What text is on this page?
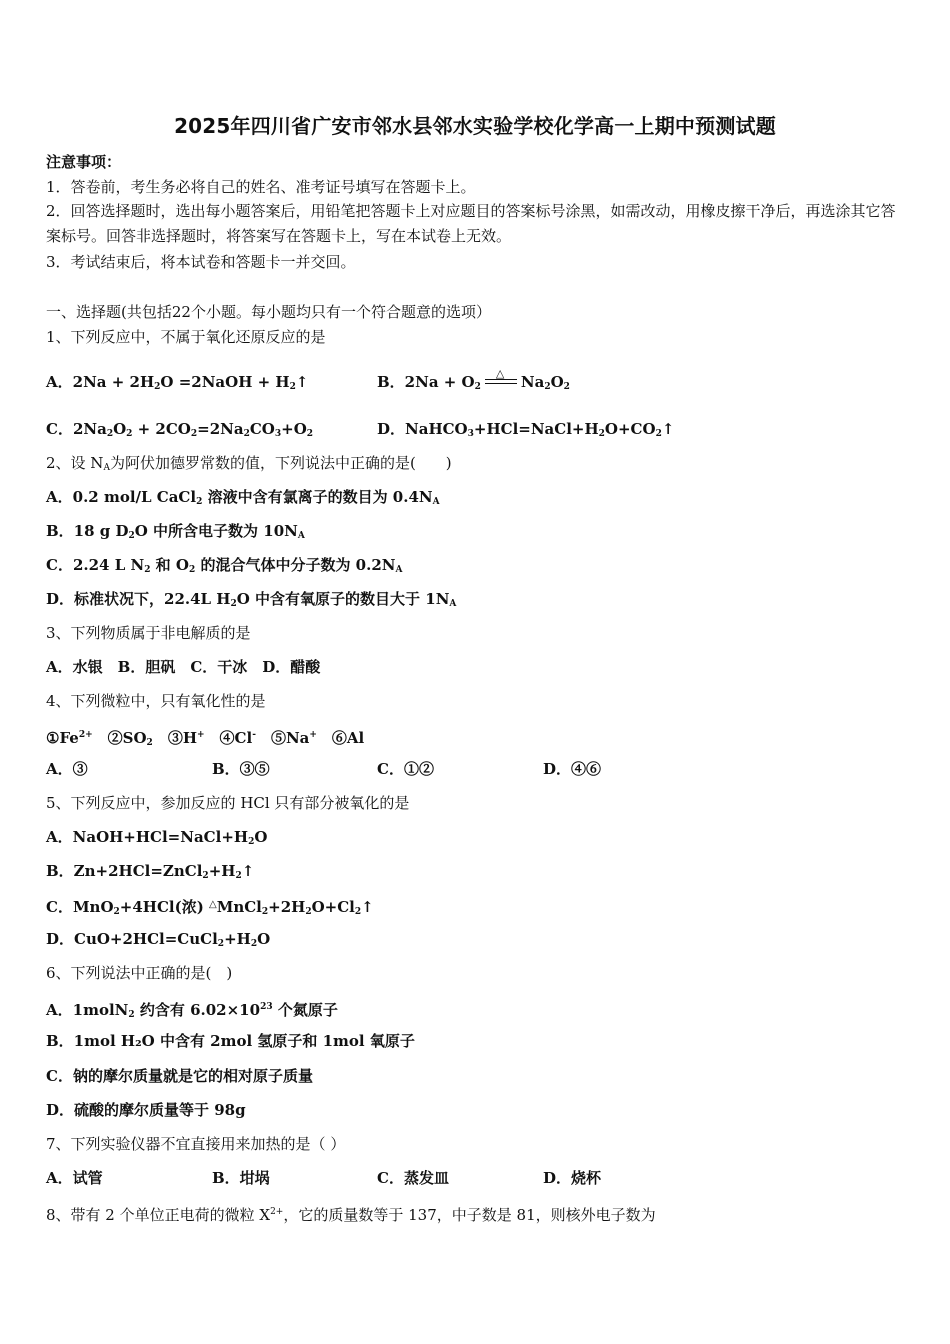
2025年四川省广安市邻水县邻水实验学校化学高一上期中预测试题
注意事项：
1．答卷前，考生务必将自己的姓名、准考证号填写在答题卡上。
2．回答选择题时，选出每小题答案后，用铅笔把答题卡上对应题目的答案标号涂黑，如需改动，用橡皮擦干净后，再选涂其它答案标号。回答非选择题时，将答案写在答题卡上，写在本试卷上无效。
3．考试结束后，将本试卷和答题卡一并交回。
一、选择题(共包括22个小题。每小题均只有一个符合题意的选项）
1、下列反应中，不属于氧化还原反应的是
A．$2Na + 2H_2O$ =2NaOH + $H_2↑$	B．$2Na + O_2$
△ $Na_2O_2$
C．$2Na_2O_2 + 2CO_2=2Na_2CO_3+O_2$	D．$NaHCO_3+HCl=NaCl+H_2O+CO_2↑$
2、设 $N_A$为阿伏加德罗常数的值，下列说法中正确的是(　　)
A．0.2 mol/L CaCl$_2$ 溶液中含有氯离子的数目为 $0.4N_A$
B．18 g $D_2O$ 中所含电子数为 $10N_A$
C．2.24 L $N_2$ 和 $O_2$ 的混合气体中分子数为 $0.2N_A$
D．标准状况下，22.4L $H_2O$ 中含有氧原子的数目大于 $1N_A$
3、下列物质属于非电解质的是
A．水银　B．胆矾　C．干冰　D．醋酸
4、下列微粒中，只有氧化性的是
$①Fe^{2+}$　$②SO_2$　③H+　④Cl-　⑤Na+　⑥Al
A．③	B．③⑤	C．①②	D．④⑥
5、下列反应中，参加反应的 HCl 只有部分被氧化的是
A．$NaOH+HCl=NaCl+H_2O$
B．$Zn+2HCl=ZnCl_2+H_2↑$
C．MnO$_2$+4HCl(浓) $^\triangle MnCl_2+2H_2O+Cl_2↑$
D．$CuO+2HCl=CuCl_2+H_2O$
6、下列说法中正确的是(　)
A．1molN$_2$ 约含有 $6.02\times 10^{23}$ 个氮原子
B．1mol H₂O 中含有 2mol 氢原子和 1mol 氧原子
C．钠的摩尔质量就是它的相对原子质量
D．硫酸的摩尔质量等于 98g
7、下列实验仪器不宜直接用来加热的是（ ）
A．试管	B．坩埚	C．蒸发皿	D．烧杯
8、带有 2 个单位正电荷的微粒 $X^{2+}$，它的质量数等于 137，中子数是 81，则核外电子数为
